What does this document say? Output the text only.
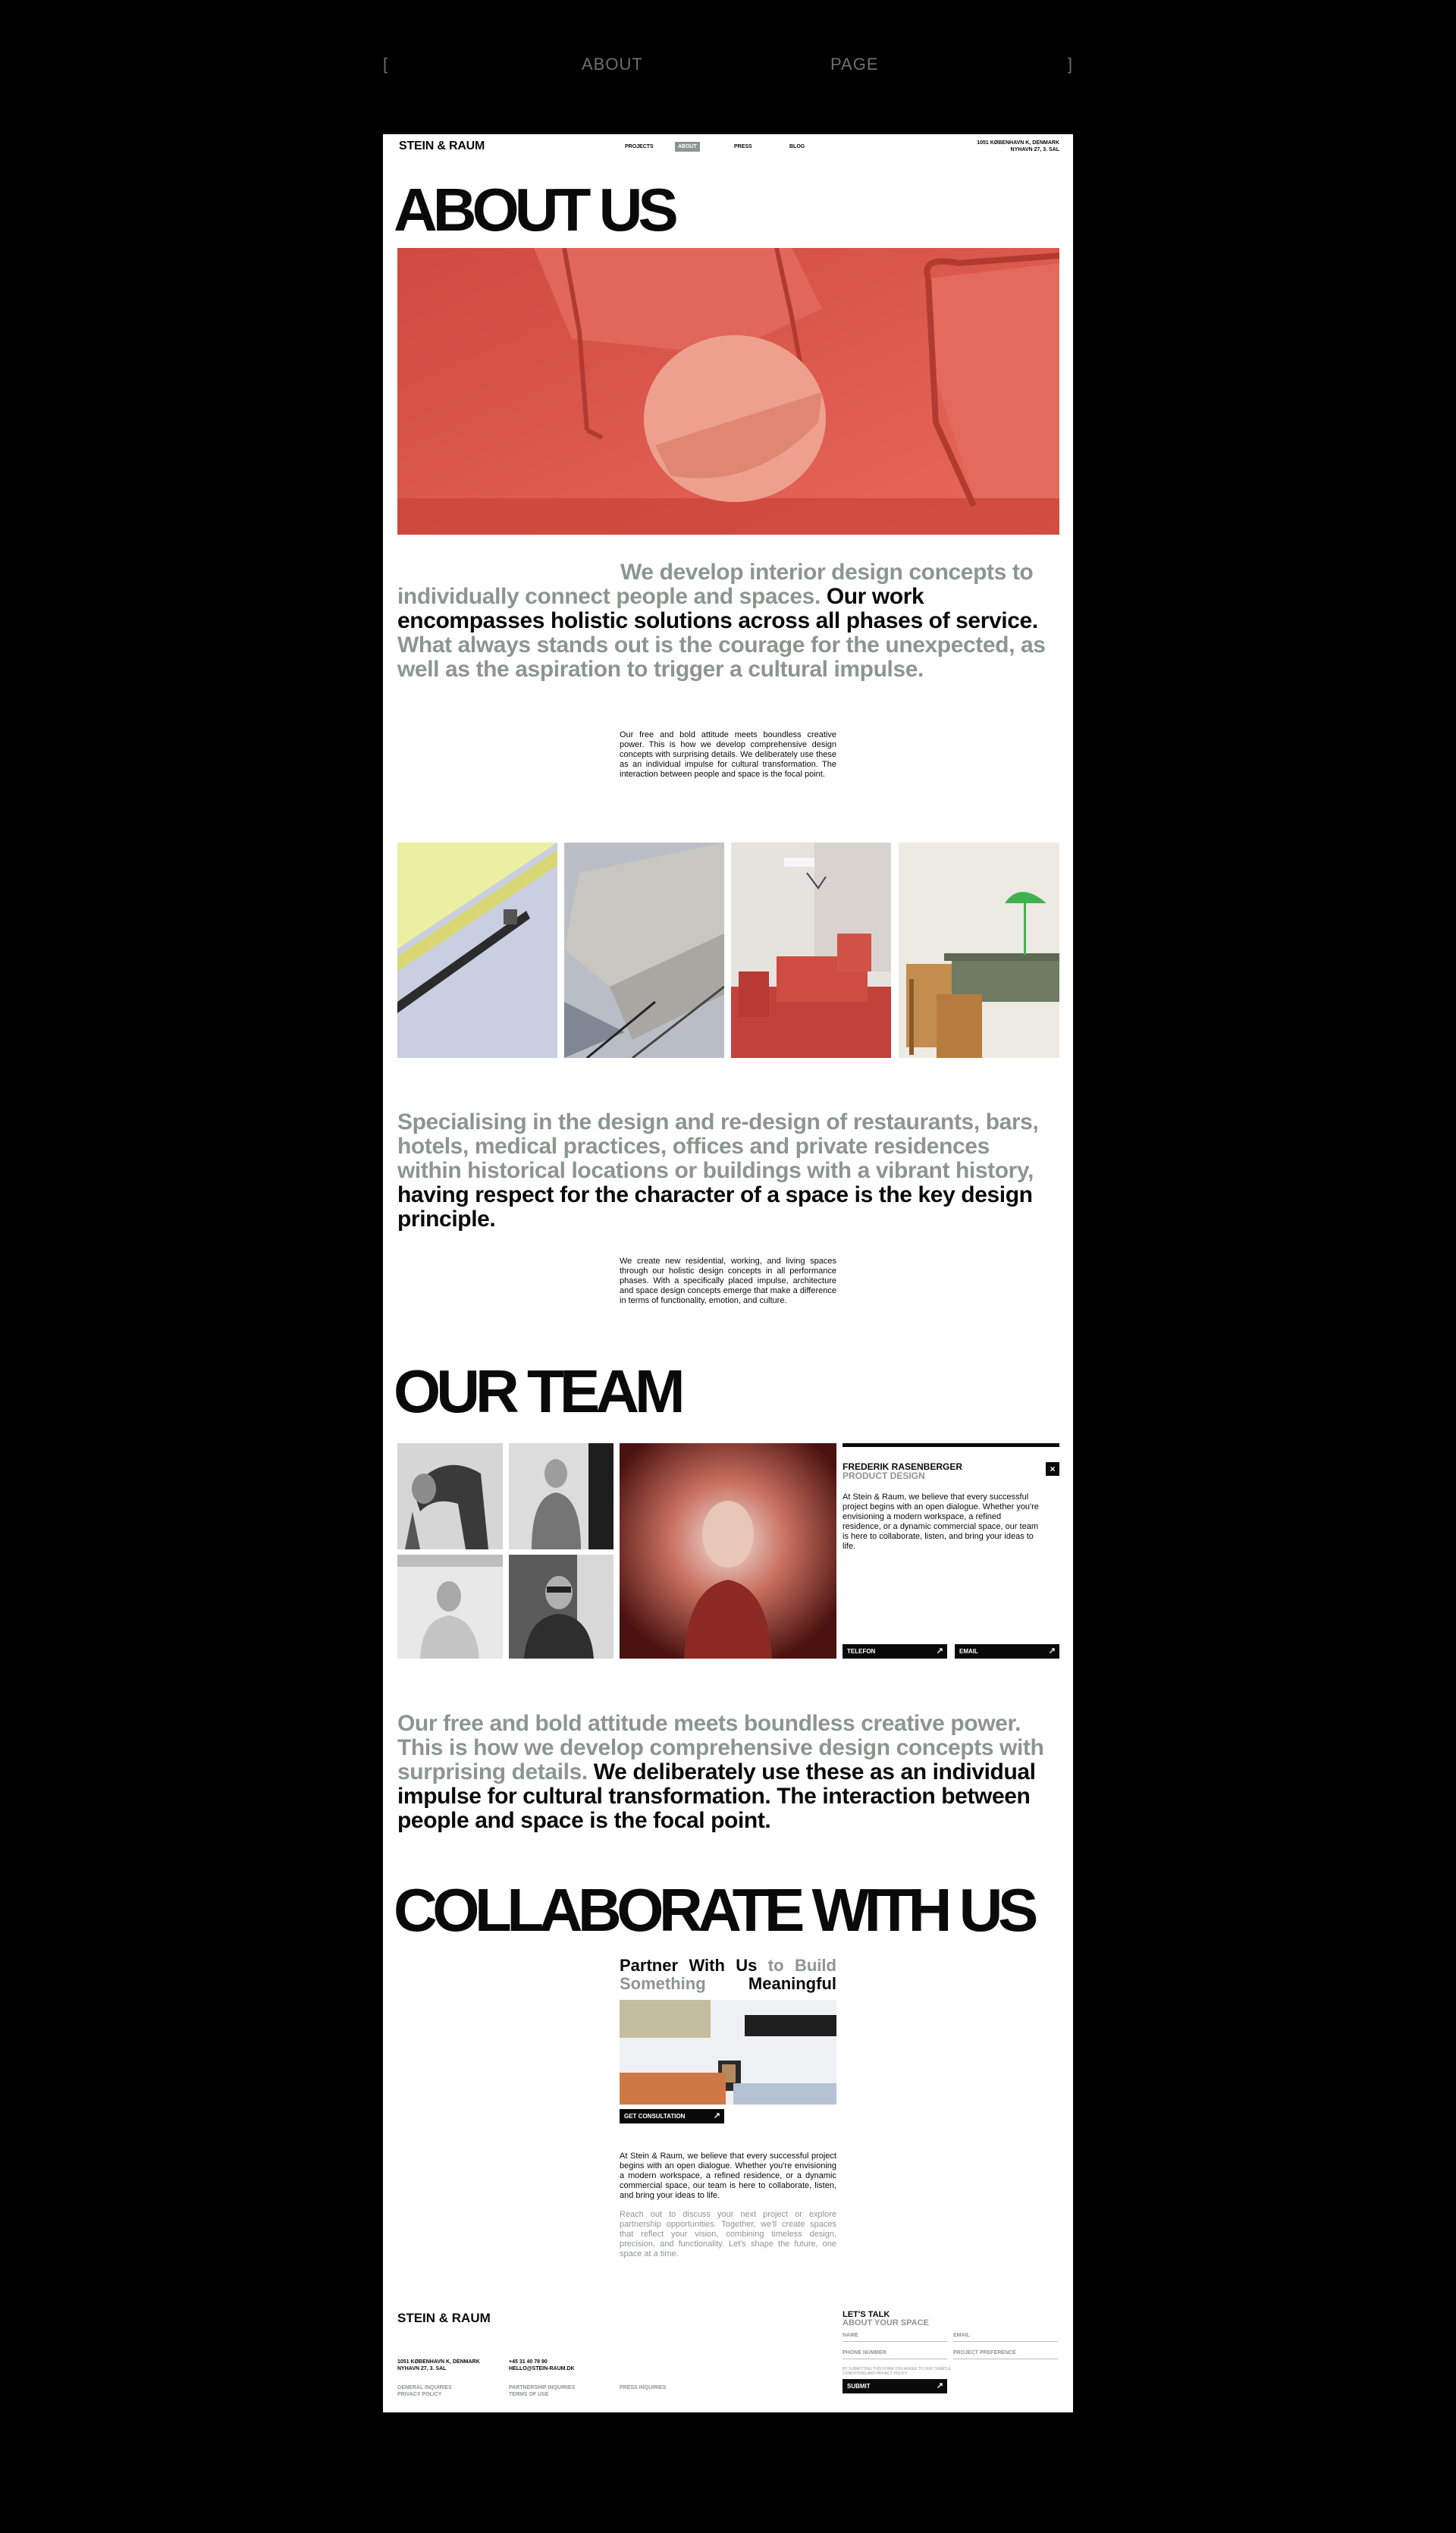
[	ABOUT	PAGE	]
STEIN & RAUM	PROJECTS	ABOUT	PRESS	BLOG
1051 KØBENHAVN K, DENMARK
NYHAVN 27, 3. SAL
ABOUT US
We develop interior design concepts to individually connect people and spaces. Our work encompasses holistic solutions across all phases of service. What always stands out is the courage for the unexpected, as well as the aspiration to trigger a cultural impulse.
Our free and bold attitude meets boundless creative power. This is how we develop comprehensive design concepts with surprising details. We deliberately use these as an individual impulse for cultural transformation. The interaction between people and space is the focal point.
Specialising in the design and re-design of restaurants, bars, hotels, medical practices, offices and private residences within historical locations or buildings with a vibrant history, having respect for the character of a space is the key design principle.
We create new residential, working, and living spaces through our holistic design concepts in all performance phases. With a specifically placed impulse, architecture and space design concepts emerge that make a difference in terms of functionality, emotion, and culture.
OUR TEAM
FREDERIK RASENBERGER
PRODUCT DESIGN
×
At Stein & Raum, we believe that every successful project begins with an open dialogue. Whether you're envisioning a modern workspace, a refined residence, or a dynamic commercial space, our team is here to collaborate, listen, and bring your ideas to life.
TELEFON	↗	EMAIL	↗
Our free and bold attitude meets boundless creative power. This is how we develop comprehensive design concepts with surprising details. We deliberately use these as an individual impulse for cultural transformation. The interaction between people and space is the focal point.
COLLABORATE WITH US
Partner With Us to Build
Something	Meaningful
GET CONSULTATION	↗
At Stein & Raum, we believe that every successful project begins with an open dialogue. Whether you're envisioning a modern workspace, a refined residence, or a dynamic commercial space, our team is here to collaborate, listen, and bring your ideas to life.
Reach out to discuss your next project or explore partnership opportunities. Together, we'll create spaces that reflect your vision, combining timeless design, precision, and functionality. Let's shape the future, one space at a time.
STEIN & RAUM
1051 KØBENHAVN K, DENMARK
NYHAVN 27, 3. SAL
+45 31 40 78 90
HELLO@STEIN-RAUM.DK
GENERAL INQUIRIES
PRIVACY POLICY
PARTNERSHIP INQUIRIES
TERMS OF USE
PRESS INQUIRIES
LET'S TALK
ABOUT YOUR SPACE
NAME	EMAIL
PHONE NUMBER	PROJECT PREFERENCE
BY SUBMITTING THIS FORM YOU AGREE TO OUR TERMS & CONDITIONS AND PRIVACY POLICY
SUBMIT	↗
